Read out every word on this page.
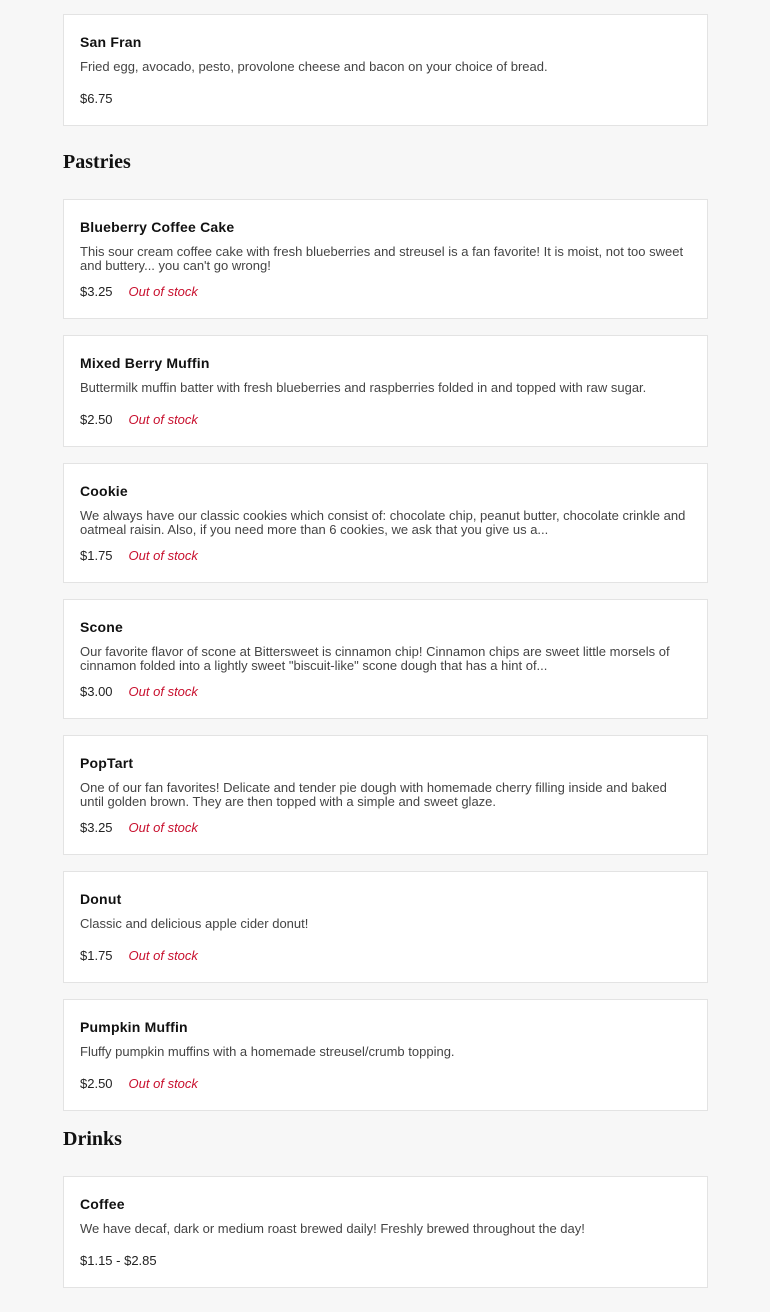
San Fran
Fried egg, avocado, pesto, provolone cheese and bacon on your choice of bread.
$6.75
Pastries
Blueberry Coffee Cake
This sour cream coffee cake with fresh blueberries and streusel is a fan favorite! It is moist, not too sweet and buttery... you can't go wrong!
$3.25 Out of stock
Mixed Berry Muffin
Buttermilk muffin batter with fresh blueberries and raspberries folded in and topped with raw sugar.
$2.50 Out of stock
Cookie
We always have our classic cookies which consist of: chocolate chip, peanut butter, chocolate crinkle and oatmeal raisin. Also, if you need more than 6 cookies, we ask that you give us a...
$1.75 Out of stock
Scone
Our favorite flavor of scone at Bittersweet is cinnamon chip! Cinnamon chips are sweet little morsels of cinnamon folded into a lightly sweet "biscuit-like" scone dough that has a hint of...
$3.00 Out of stock
PopTart
One of our fan favorites! Delicate and tender pie dough with homemade cherry filling inside and baked until golden brown. They are then topped with a simple and sweet glaze.
$3.25 Out of stock
Donut
Classic and delicious apple cider donut!
$1.75 Out of stock
Pumpkin Muffin
Fluffy pumpkin muffins with a homemade streusel/crumb topping.
$2.50 Out of stock
Drinks
Coffee
We have decaf, dark or medium roast brewed daily! Freshly brewed throughout the day!
$1.15 - $2.85
